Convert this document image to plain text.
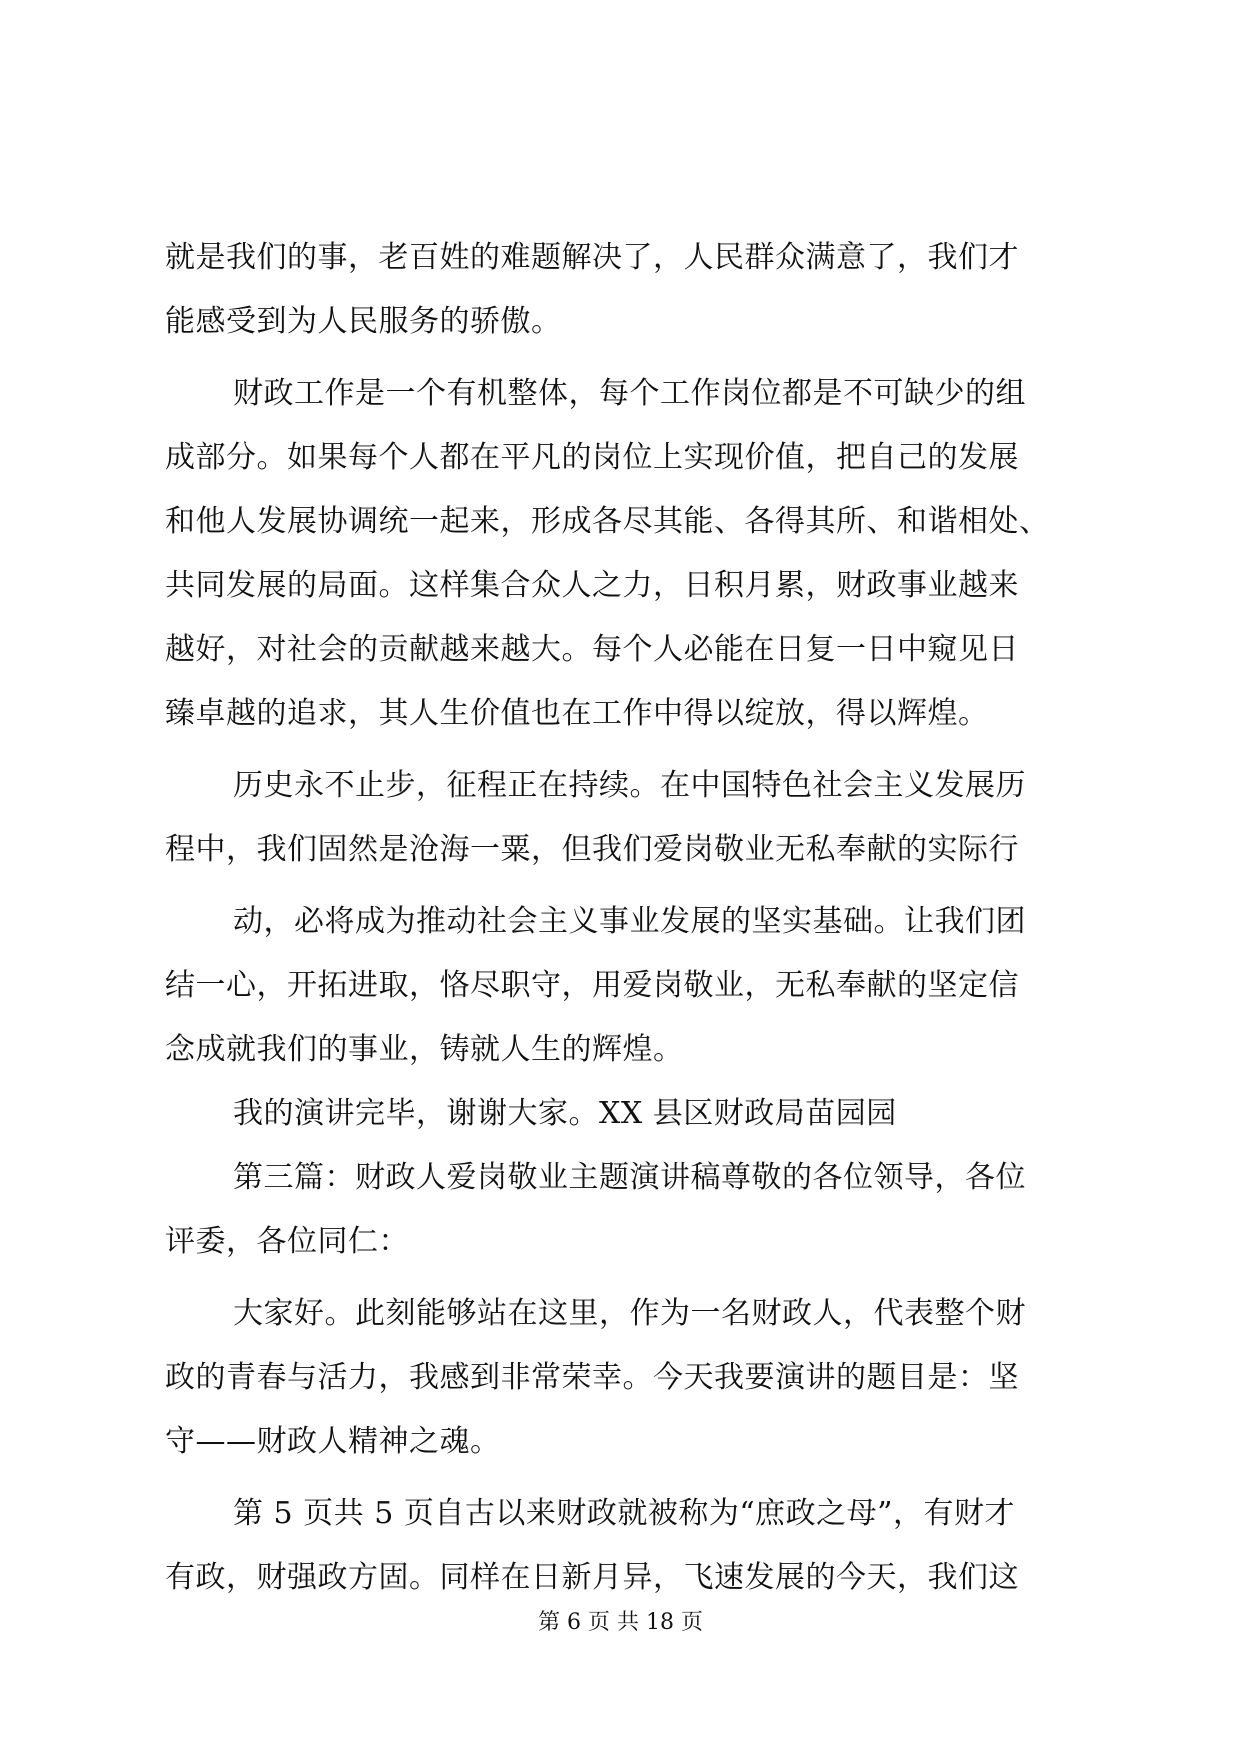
就是我们的事，老百姓的难题解决了，人民群众满意了，我们才
能感受到为人民服务的骄傲。
财政工作是一个有机整体，每个工作岗位都是不可缺少的组
成部分。如果每个人都在平凡的岗位上实现价值，把自己的发展
和他人发展协调统一起来，形成各尽其能、各得其所、和谐相处、
共同发展的局面。这样集合众人之力，日积月累，财政事业越来
越好，对社会的贡献越来越大。每个人必能在日复一日中窥见日
臻卓越的追求，其人生价值也在工作中得以绽放，得以辉煌。
历史永不止步，征程正在持续。在中国特色社会主义发展历
程中，我们固然是沧海一粟，但我们爱岗敬业无私奉献的实际行
动，必将成为推动社会主义事业发展的坚实基础。让我们团
结一心，开拓进取，恪尽职守，用爱岗敬业，无私奉献的坚定信
念成就我们的事业，铸就人生的辉煌。
我的演讲完毕，谢谢大家。XX 县区财政局苗园园
第三篇：财政人爱岗敬业主题演讲稿尊敬的各位领导，各位
评委，各位同仁：
大家好。此刻能够站在这里，作为一名财政人，代表整个财
政的青春与活力，我感到非常荣幸。今天我要演讲的题目是：坚
守——财政人精神之魂。
第 5 页共 5 页自古以来财政就被称为“庶政之母”，有财才
有政，财强政方固。同样在日新月异，飞速发展的今天，我们这
第 6 页 共 18 页
